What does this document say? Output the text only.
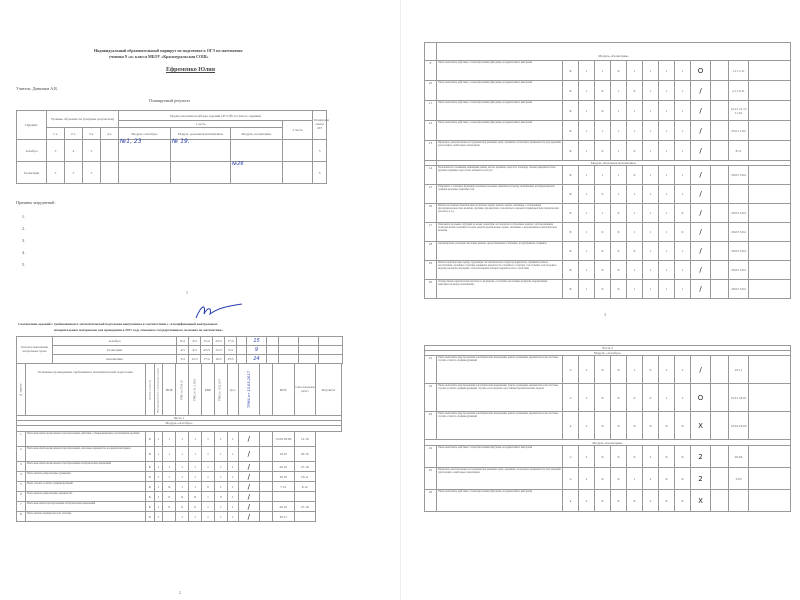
Индивидуальный образовательный маршрут по подготовке к ОГЭ по математике
ученика 9 «а» класса МБОУ «Красноуральская СОШ»
Ефременко Юлия
Учитель: Данилина А.В.
Планируемый результат
Предмет	Уровень обученности (текущие результаты)				Предполагаемая подборка заданий ОГЭ (№ тестового задания)				Планируемая отметка ОГЭ
					1 часть			2 часть	
	1 ч.	2 ч.	3 ч.	4 ч.	Модуль «алгебра»	Модуль «реальная математика»	Модуль «геометрия»		
Алгебра	5	4	5		№1, 23	№ 19.			5
Геометрия	5	5	5				№26		5
Причины затруднений :
1.
2.
3.
4.
5.
1
Соотнесение заданий с требованиями к математической подготовке выпускника в соответствии с «Спецификацией контрольных
измерительных материалов для проведения в 2017 году основного государственного экзамена по математике»
Результат выполнения контрольных срезов	Алгебра	6/4	4/3	15/4	23/5	17/4		15				
	Геометрия	4/3	4/3	4/3/5	15/4	5/4		9				
	математика	3/4	12/3	17/4	16/5	23/5		24				
№ задания	Основные проверяемые требования к математической подготовке	Уровень сложности	Максимальный балл за выполнение задания	ВПР	ТРМ1 от 27.09.16	ТРМ2 от 10.11.2016	РКР	ТРМ3 от 15.02.2017	Гр.1	ТРМ4 от 15.05.2017		ИГК	Самостоятельная работа	Результат
Часть 1														
Модуль «Алгебра»														

1	Уметь выполнять вычисления и преобразования, действия с обыкновенными и десятичными дробями	Б	1	1	1	1	1	1	1	/		15.09 28.09	12.10	
2	Уметь выполнять вычисления и преобразования, числовые неравенства, координатная прямая	Б	1	1	1	1	1	1	1	/		19.10	20.10	
3	Уметь выполнять вычисления и преобразования алгебраических выражений	Б	1	1	1	1	1	1	1	/		26.10	27.10	
4	Уметь решать рациональные уравнения	Б	1	1	1	1	1	1	1	/		30.10	16.11	
5	Уметь строить и читать графики функций	Б	1	X	1	1	0	1	1	/		7.12	8.12	
6	Уметь решать рациональные неравенства	Б	1	0	X	X	1	0	1	/				
7	Уметь выполнять преобразования алгебраических выражений	Б	1	0	0	0	1	1	1	/		26.10	27.10	
8	Уметь решать неравенства и их системы	Б	1		1	1	1	1	1	/		30.11		
2
	Модуль «Геометрия»												
9	Уметь выполнять действия с геометрическими фигурами, координатами и векторами	Б	1	1	X	1	1	1	1	O		1.11 2.11	
10	Уметь выполнять действия с геометрическими фигурами, координатами и векторами	Б	1	X	1	0	1	1	1	/		2.11 9.11	
11	Уметь выполнять действия с геометрическими фигурами, координатами и векторами	Б	1	X	1	1	1	1	1	/		14.12 21.12 11.01	
12	Уметь выполнять действия с геометрическими фигурами, координатами и векторами	Б	1	1	1	1	1	1	1	/		25.01 1.02	
13	Проводить доказательные рассуждения при решении задач, оценивать логическую правильность рассуждений, распознавать ошибочные заключения	Б	1	0	1	0	1	1	1	/		8.11	
	Модуль «Реальная математика»												
14	Пользоваться основными единицами длины, массы, времени, скорости, площади, объема; выражать более крупные единицы через более мелкие и наоборот	Б	1	1	1	0	1	1	1	/		29.03 5.04	
15	Описывать с помощью функций различные реальные зависимости между величинами; интерпретировать графики реальных зависимостей	Б	1	0	1	1	1	1	1	/			
16	Решать несложные практические расчетные задачи; решать задачи, связанные с отношением, пропорциональностью величин, дробями, процентами; пользоваться оценкой и прикидкой при практических расчетах, и т.д.	Б	1	1	0	1	1	1	0	/		29.03 5.04	
17	Описывать реальные ситуации на языке геометрии, исследовать построенные модели с использованием геометрических понятий и теорем, решать практические задачи, связанные с нахождением геометрических величин	Б	1	0	X	1	1	1	0	/		29.03 5.04	
18	Анализировать реальные числовые данные, представленные в таблицах, на диаграммах, графиках	Б	1	X	0	0	1	1	1	/		29.03 5.04	
19	Решать практические задачи, требующие систематического перебора вариантов; сравнивать шансы наступления случайных событий, оценивать вероятности случайного события, сопоставлять и исследовать модели реальной ситуацией с использованием аппарата вероятности и статистики	Б	1	X	X	1	1	1	1	/		29.03 5.04	
20	Осуществлять практические расчеты по формулам, составлять несложные формулы, выражающие зависимости между величинами	Б	1	0	X	1	1	1	1	/		29.03 5.04	
3
Часть 2													
Модуль «Алгебра»													
21	Уметь выполнять преобразования алгебраических выражений, решать уравнения, неравенства и их системы, строить и читать графики функций	п	2	X	X	1	0	2	2	/		23.11	
22	Уметь выполнять преобразования алгебраических выражений, решать уравнения, неравенства и их системы, строить и читать графики функций, строить и исследовать простейшие математические модели	п	2	X	X	0	0	1	2	O		15.01 22.01	
23	Уметь выполнять преобразования алгебраических выражений, решать уравнения, неравенства и их системы, строить и читать графики функций	в	2	X	X	X	X	X	X	X		12.04 19.04	
Модуль «Геометрия»													
24	Уметь выполнять действия с геометрическими фигурами, координатами и векторами	п	2	X	X	0	2	X	X	2		26.04	
25	Проводить доказательные рассуждения при решении задач, оценивать логическую правильность рассуждений, распознавать ошибочные заключения	п	2	X	X	1	2	X	X	2		3.05	
26	Уметь выполнять действия с геометрическими фигурами, координатами и векторами	в	2	X	X	X	x	X	X	X			
